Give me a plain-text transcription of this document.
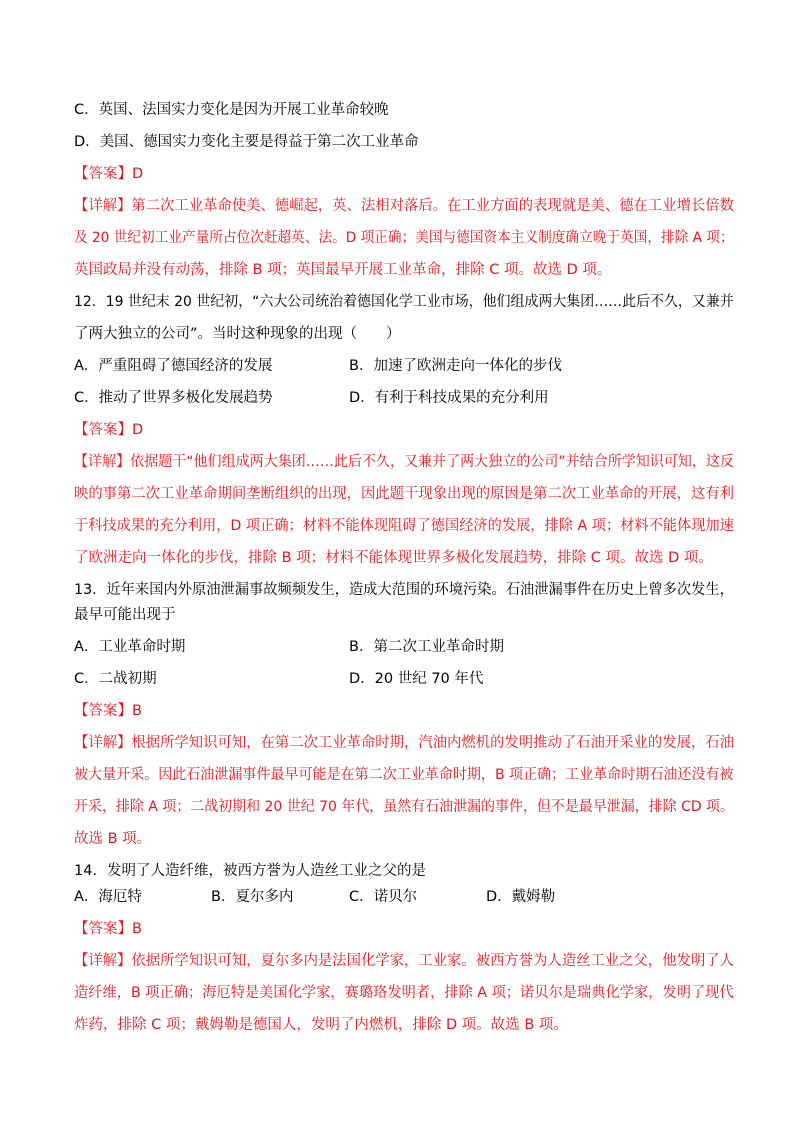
C．英国、法国实力变化是因为开展工业革命较晚
D．美国、德国实力变化主要是得益于第二次工业革命
【答案】D
【详解】第二次工业革命使美、德崛起，英、法相对落后。在工业方面的表现就是美、德在工业增长倍数
及 20 世纪初工业产量所占位次赶超英、法。D 项正确；美国与德国资本主义制度确立晚于英国，排除 A 项；
英国政局并没有动荡，排除 B 项；英国最早开展工业革命，排除 C 项。故选 D 项。
12．19 世纪末 20 世纪初，“六大公司统治着德国化学工业市场，他们组成两大集团……此后不久，又兼并
了两大独立的公司”。当时这种现象的出现（　　）
A．严重阻碍了德国经济的发展	B．加速了欧洲走向一体化的步伐
C．推动了世界多极化发展趋势	D．有利于科技成果的充分利用
【答案】D
【详解】依据题干“他们组成两大集团……此后不久，又兼并了两大独立的公司”并结合所学知识可知，这反
映的事第二次工业革命期间垄断组织的出现，因此题干现象出现的原因是第二次工业革命的开展，这有利
于科技成果的充分利用，D 项正确；材料不能体现阻碍了德国经济的发展，排除 A 项；材料不能体现加速
了欧洲走向一体化的步伐，排除 B 项；材料不能体现世界多极化发展趋势，排除 C 项。故选 D 项。
13．近年来国内外原油泄漏事故频频发生，造成大范围的环境污染。石油泄漏事件在历史上曾多次发生，
最早可能出现于
A．工业革命时期	B．第二次工业革命时期
C．二战初期	D．20 世纪 70 年代
【答案】B
【详解】根据所学知识可知，在第二次工业革命时期，汽油内燃机的发明推动了石油开采业的发展，石油
被大量开采。因此石油泄漏事件最早可能是在第二次工业革命时期，B 项正确；工业革命时期石油还没有被
开采，排除 A 项；二战初期和 20 世纪 70 年代，虽然有石油泄漏的事件，但不是最早泄漏，排除 CD 项。
故选 B 项。
14．发明了人造纤维，被西方誉为人造丝工业之父的是
A．海厄特	B．夏尔多内	C．诺贝尔	D．戴姆勒
【答案】B
【详解】依据所学知识可知，夏尔多内是法国化学家，工业家。被西方誉为人造丝工业之父，他发明了人
造纤维，B 项正确；海厄特是美国化学家，赛璐珞发明者，排除 A 项；诺贝尔是瑞典化学家，发明了现代
炸药，排除 C 项；戴姆勒是德国人，发明了内燃机，排除 D 项。故选 B 项。
